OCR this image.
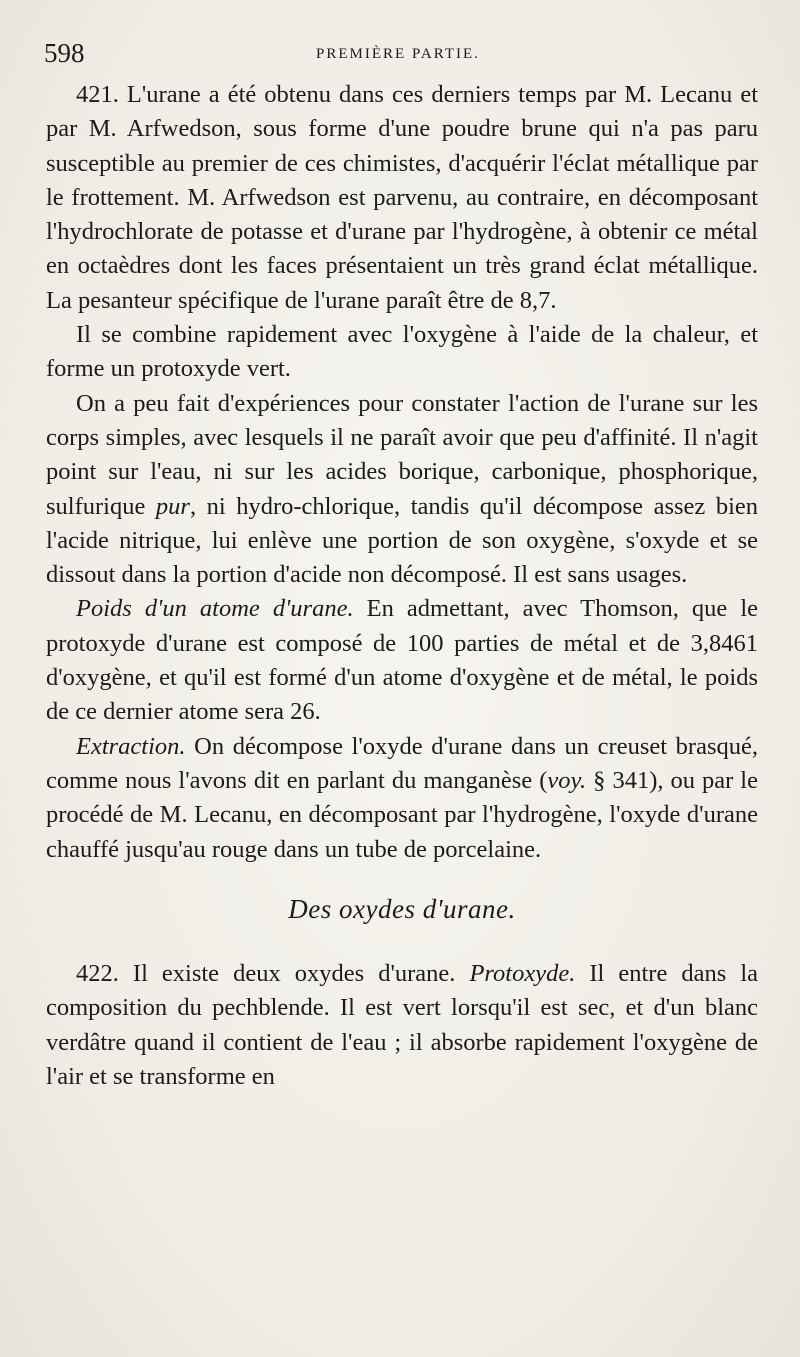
598	PREMIÈRE PARTIE.

421. L'urane a été obtenu dans ces derniers temps par M. Lecanu et par M. Arfwedson, sous forme d'une poudre brune qui n'a pas paru susceptible au premier de ces chimistes, d'acquérir l'éclat métallique par le frottement. M. Arfwedson est parvenu, au contraire, en décomposant l'hydrochlorate de potasse et d'urane par l'hydrogène, à obtenir ce métal en octaèdres dont les faces présentaient un très grand éclat métallique. La pesanteur spécifique de l'urane paraît être de 8,7.

Il se combine rapidement avec l'oxygène à l'aide de la chaleur, et forme un protoxyde vert.

On a peu fait d'expériences pour constater l'action de l'urane sur les corps simples, avec lesquels il ne paraît avoir que peu d'affinité. Il n'agit point sur l'eau, ni sur les acides borique, carbonique, phosphorique, sulfurique pur, ni hydro-chlorique, tandis qu'il décompose assez bien l'acide nitrique, lui enlève une portion de son oxygène, s'oxyde et se dissout dans la portion d'acide non décomposé. Il est sans usages.

Poids d'un atome d'urane. En admettant, avec Thomson, que le protoxyde d'urane est composé de 100 parties de métal et de 3,8461 d'oxygène, et qu'il est formé d'un atome d'oxygène et de métal, le poids de ce dernier atome sera 26.

Extraction. On décompose l'oxyde d'urane dans un creuset brasqué, comme nous l'avons dit en parlant du manganèse (voy. § 341), ou par le procédé de M. Lecanu, en décomposant par l'hydrogène, l'oxyde d'urane chauffé jusqu'au rouge dans un tube de porcelaine.

Des oxydes d'urane.

422. Il existe deux oxydes d'urane. Protoxyde. Il entre dans la composition du pechblende. Il est vert lorsqu'il est sec, et d'un blanc verdâtre quand il contient de l'eau ; il absorbe rapidement l'oxygène de l'air et se transforme en
